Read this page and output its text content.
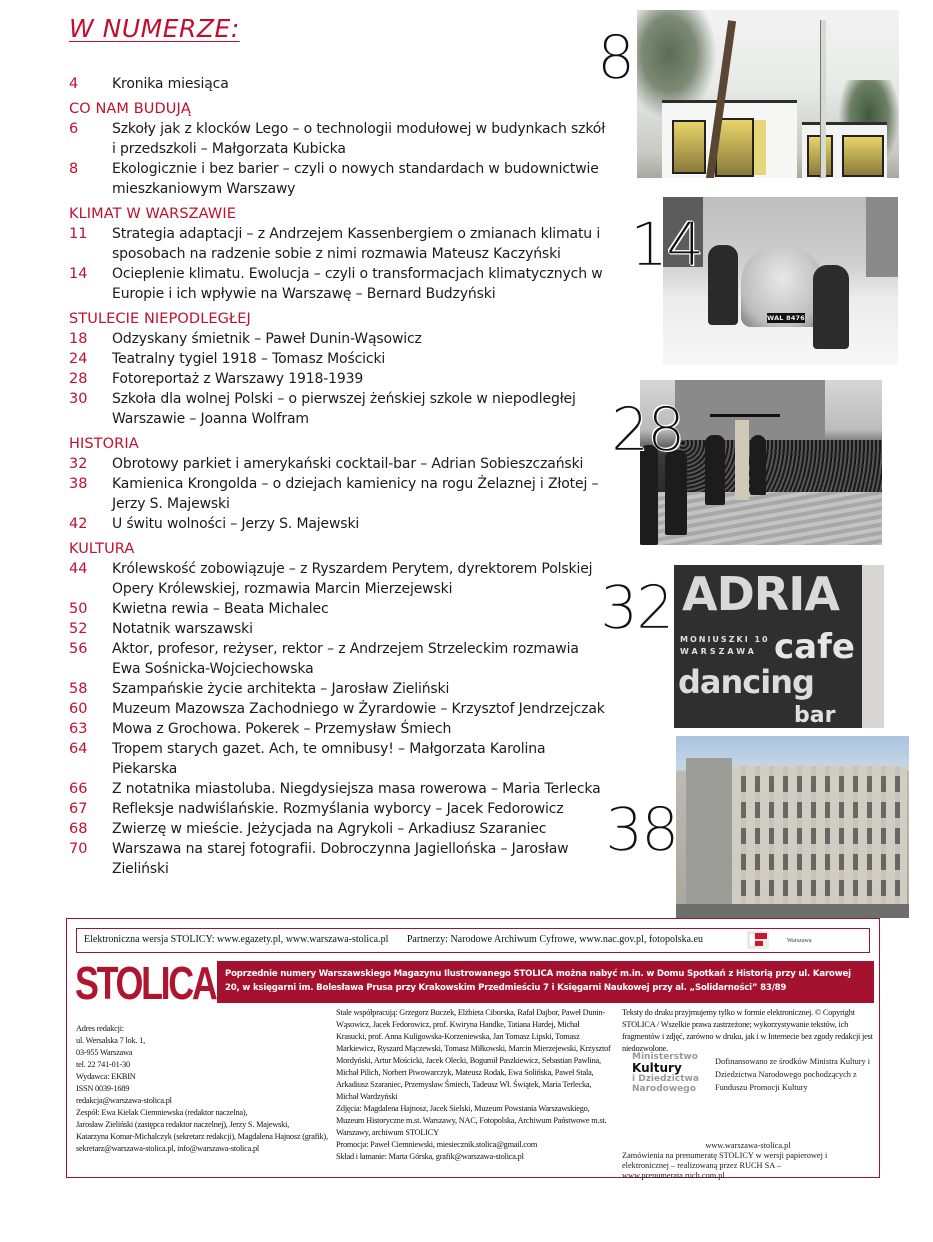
W NUMERZE:
4	Kronika miesiąca
CO NAM BUDUJĄ
6	Szkoły jak z klocków Lego – o technologii modułowej w budynkach szkół i przedszkoli – Małgorzata Kubicka
8	Ekologicznie i bez barier – czyli o nowych standardach w budownictwie mieszkaniowym Warszawy
KLIMAT W WARSZAWIE
11	Strategia adaptacji – z Andrzejem Kassenbergiem o zmianach klimatu i sposobach na radzenie sobie z nimi rozmawia Mateusz Kaczyński
14	Ocieplenie klimatu. Ewolucja – czyli o transformacjach klimatycznych w Europie i ich wpływie na Warszawę – Bernard Budzyński
STULECIE NIEPODLEGŁEJ
18	Odzyskany śmietnik – Paweł Dunin-Wąsowicz
24	Teatralny tygiel 1918 – Tomasz Mościcki
28	Fotoreportaż z Warszawy 1918-1939
30	Szkoła dla wolnej Polski – o pierwszej żeńskiej szkole w niepodległej Warszawie – Joanna Wolfram
HISTORIA
32	Obrotowy parkiet i amerykański cocktail-bar – Adrian Sobieszczański
38	Kamienica Krongolda – o dziejach kamienicy na rogu Żelaznej i Złotej – Jerzy S. Majewski
42	U świtu wolności – Jerzy S. Majewski
KULTURA
44	Królewskość zobowiązuje – z Ryszardem Perytem, dyrektorem Polskiej Opery Królewskiej, rozmawia Marcin Mierzejewski
50	Kwietna rewia – Beata Michalec
52	Notatnik warszawski
56	Aktor, profesor, reżyser, rektor – z Andrzejem Strzeleckim rozmawia Ewa Sośnicka-Wojciechowska
58	Szampańskie życie architekta – Jarosław Zieliński
60	Muzeum Mazowsza Zachodniego w Żyrardowie – Krzysztof Jendrzejczak
63	Mowa z Grochowa. Pokerek – Przemysław Śmiech
64	Tropem starych gazet. Ach, te omnibusy! – Małgorzata Karolina Piekarska
66	Z notatnika miastoluba. Niegdysiejsza masa rowerowa – Maria Terlecka
67	Refleksje nadwiślańskie. Rozmyślania wyborcy – Jacek Fedorowicz
68	Zwierzę w mieście. Jeżycjada na Agrykoli – Arkadiusz Szaraniec
70	Warszawa na starej fotografii. Dobroczynna Jagiellońska – Jarosław Zieliński
8
WAL 8476
14
28
ADRIA
MONIUSZKI 10
WARSZAWA cafe
dancing
bar
32
38
Elektroniczna wersja STOLICY: www.egazety.pl, www.warszawa-stolica.pl Partnerzy: Narodowe Archiwum Cyfrowe, www.nac.gov.pl, fotopolska.eu	Warszawa
STOLICA	Poprzednie numery Warszawskiego Magazynu Ilustrowanego STOLICA można nabyć m.in. w Domu Spotkań z Historią przy ul. Karowej 20, w księgarni im. Bolesława Prusa przy Krakowskim Przedmieściu 7 i Księgarni Naukowej przy al. „Solidarności” 83/89
Adres redakcji:
ul. Wersalska 7 lok. 1,
03-955 Warszawa
tel. 22 741-01-30
Wydawca: EKBIN
ISSN 0039-1689
redakcja@warszawa-stolica.pl
Zespół: Ewa Kielak Ciemniewska (redaktor naczelna),
Jarosław Zieliński (zastępca redaktor naczelnej), Jerzy S. Majewski,
Katarzyna Komar-Michalczyk (sekretarz redakcji), Magdalena Hajnosz (grafik),
sekretarz@warszawa-stolica.pl, info@warszawa-stolica.pl
Stale współpracują: Grzegorz Buczek, Elżbieta Ciborska, Rafał Dajbor, Paweł Dunin-Wąsowicz, Jacek Fedorowicz, prof. Kwiryna Handke, Tatiana Hardej, Michał Krasucki, prof. Anna Kuligowska-Korzeniewska, Jan Tomasz Lipski, Tomasz Markiewicz, Ryszard Mączewski, Tomasz Miłkowski, Marcin Mierzejewski, Krzysztof Mordyński, Artur Mościcki, Jacek Olecki, Bogumił Paszkiewicz, Sebastian Pawlina, Michał Pilich, Norbert Piwowarczyk, Mateusz Rodak, Ewa Solińska, Paweł Stala, Arkadiusz Szaraniec, Przemysław Śmiech, Tadeusz Wł. Świątek, Maria Terlecka, Michał Wardzyński
Zdjęcia: Magdalena Hajnosz, Jacek Sielski, Muzeum Powstania Warszawskiego, Muzeum Historyczne m.st. Warszawy, NAC, Fotopolska, Archiwum Państwowe m.st. Warszawy, archiwum STOLICY
Promocja: Paweł Ciemniewski, miesiecznik.stolica@gmail.com
Skład i łamanie: Marta Górska, grafik@warszawa-stolica.pl
Teksty do druku przyjmujemy tylko w formie elektronicznej. © Copyright STOLICA / Wszelkie prawa zastrzeżone; wykorzystywanie tekstów, ich fragmentów i zdjęć, zarówno w druku, jak i w Internecie bez zgody redakcji jest niedozwolone.
Ministerstwo
Kultury
i Dziedzictwa
Narodowego
Dofinansowano ze środków Ministra Kultury i Dziedzictwa Narodowego pochodzących z Funduszu Promocji Kultury
www.warszawa-stolica.pl
Zamówienia na prenumeratę STOLICY w wersji papierowej i elektronicznej – realizowaną przez RUCH SA – www.prenumerata.ruch.com.pl
